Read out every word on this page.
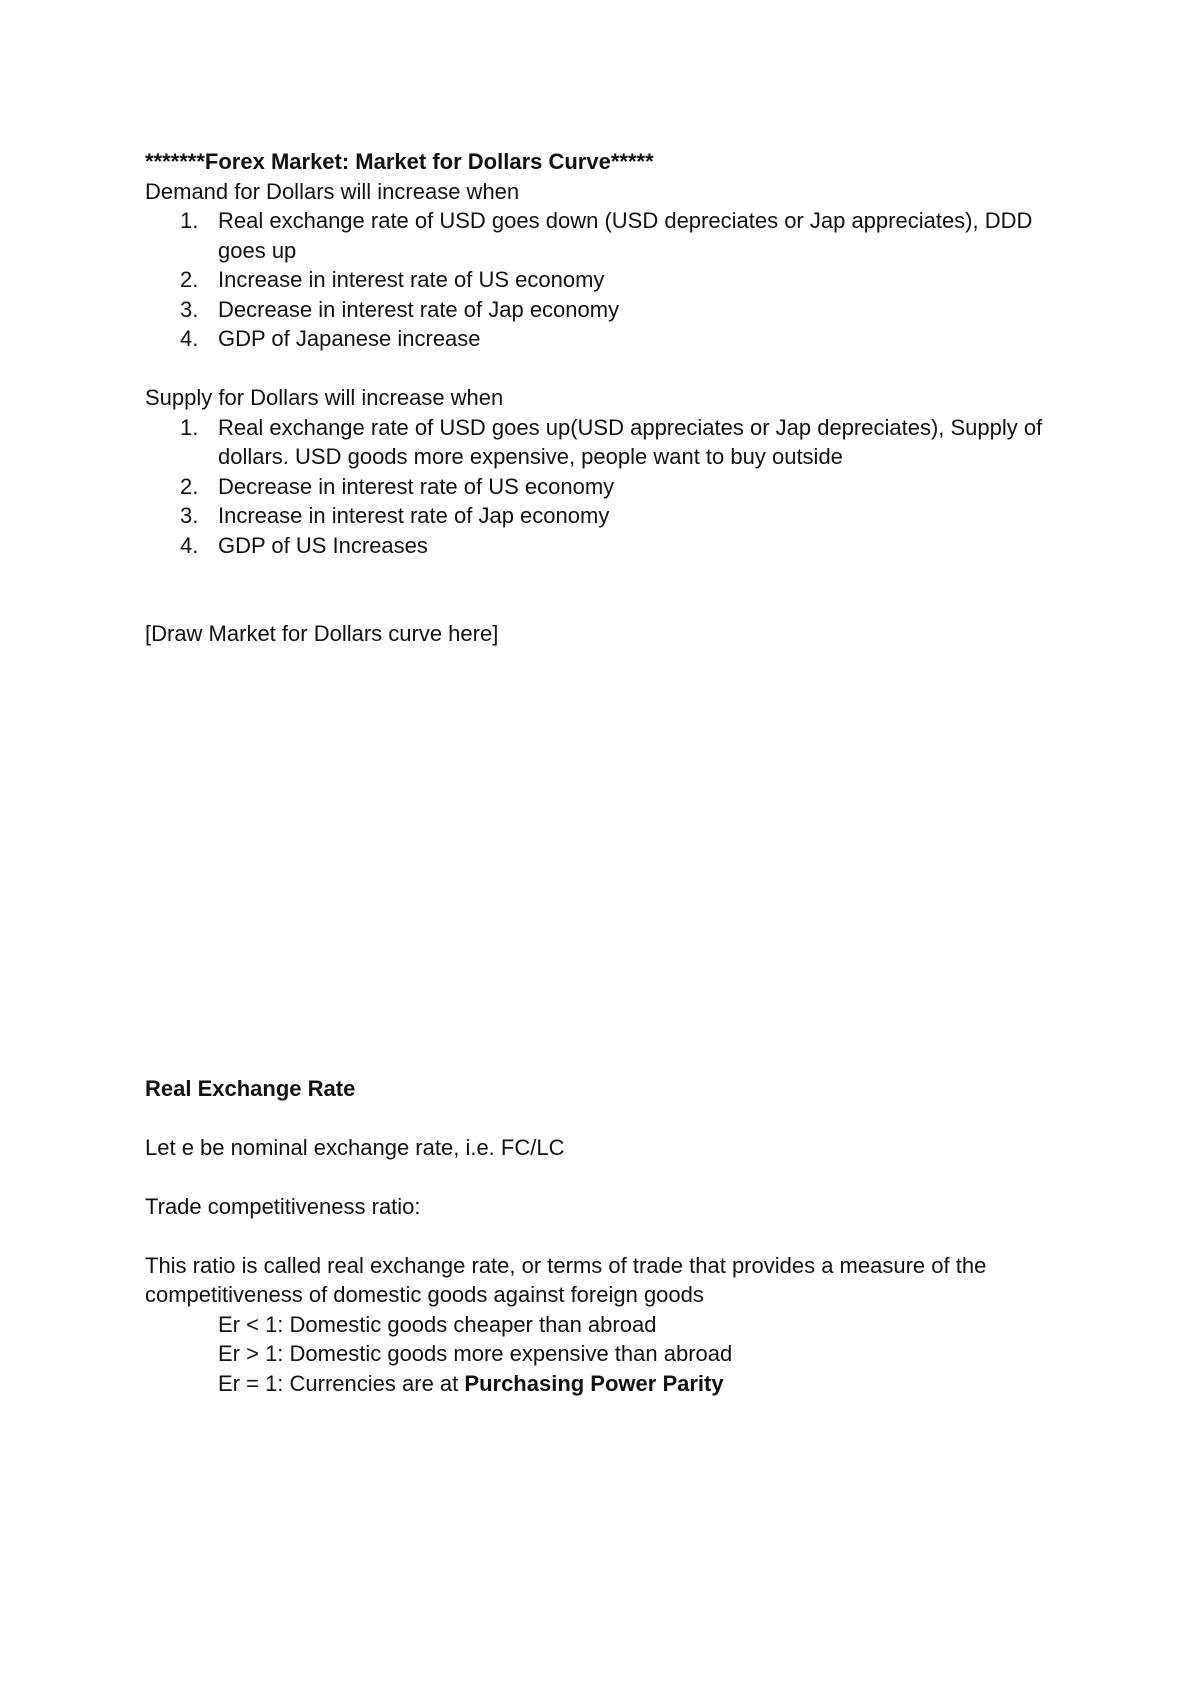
*******Forex Market: Market for Dollars Curve*****

Demand for Dollars will increase when

1. Real exchange rate of USD goes down (USD depreciates or Jap appreciates), DDD goes up
2. Increase in interest rate of US economy
3. Decrease in interest rate of Jap economy
4. GDP of Japanese increase

Supply for Dollars will increase when

1. Real exchange rate of USD goes up(USD appreciates or Jap depreciates), Supply of dollars. USD goods more expensive, people want to buy outside
2. Decrease in interest rate of US economy
3. Increase in interest rate of Jap economy
4. GDP of US Increases

[Draw Market for Dollars curve here]

Real Exchange Rate

Let e be nominal exchange rate, i.e. FC/LC

Trade competitiveness ratio:

This ratio is called real exchange rate, or terms of trade that provides a measure of the competitiveness of domestic goods against foreign goods

Er < 1: Domestic goods cheaper than abroad

Er > 1: Domestic goods more expensive than abroad

Er = 1: Currencies are at Purchasing Power Parity
